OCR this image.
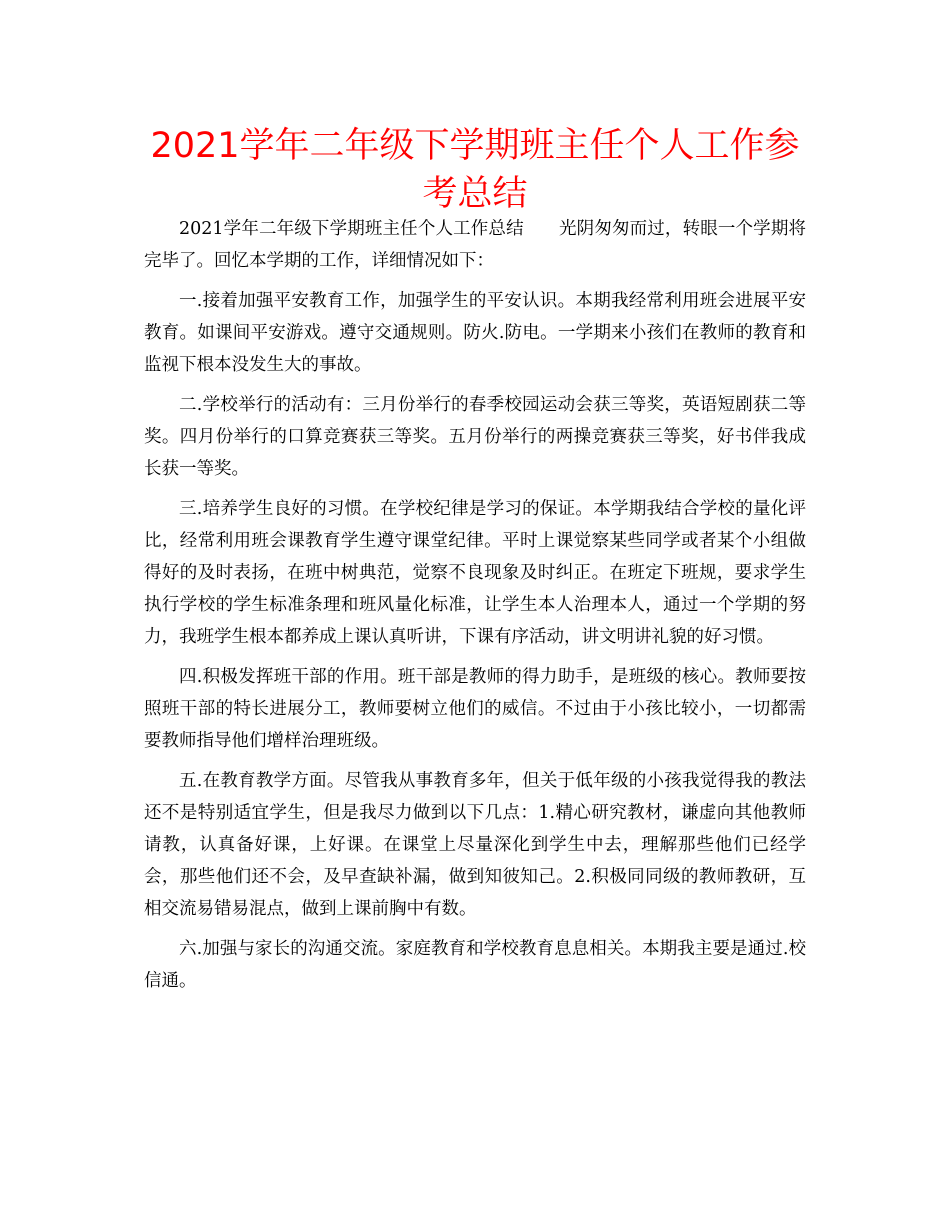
2021学年二年级下学期班主任个人工作参考总结

2021学年二年级下学期班主任个人工作总结　　光阴匆匆而过，转眼一个学期将完毕了。回忆本学期的工作，详细情况如下：

一.接着加强平安教育工作，加强学生的平安认识。本期我经常利用班会进展平安教育。如课间平安游戏。遵守交通规则。防火.防电。一学期来小孩们在教师的教育和监视下根本没发生大的事故。

二.学校举行的活动有：三月份举行的春季校园运动会获三等奖，英语短剧获二等奖。四月份举行的口算竞赛获三等奖。五月份举行的两操竞赛获三等奖，好书伴我成长获一等奖。

三.培养学生良好的习惯。在学校纪律是学习的保证。本学期我结合学校的量化评比，经常利用班会课教育学生遵守课堂纪律。平时上课觉察某些同学或者某个小组做得好的及时表扬，在班中树典范，觉察不良现象及时纠正。在班定下班规，要求学生执行学校的学生标准条理和班风量化标准，让学生本人治理本人，通过一个学期的努力，我班学生根本都养成上课认真听讲，下课有序活动，讲文明讲礼貌的好习惯。

四.积极发挥班干部的作用。班干部是教师的得力助手，是班级的核心。教师要按照班干部的特长进展分工，教师要树立他们的威信。不过由于小孩比较小，一切都需要教师指导他们增样治理班级。

五.在教育教学方面。尽管我从事教育多年，但关于低年级的小孩我觉得我的教法还不是特别适宜学生，但是我尽力做到以下几点：1.精心研究教材，谦虚向其他教师请教，认真备好课，上好课。在课堂上尽量深化到学生中去，理解那些他们已经学会，那些他们还不会，及早查缺补漏，做到知彼知己。2.积极同同级的教师教研，互相交流易错易混点，做到上课前胸中有数。

六.加强与家长的沟通交流。家庭教育和学校教育息息相关。本期我主要是通过.校信通。
